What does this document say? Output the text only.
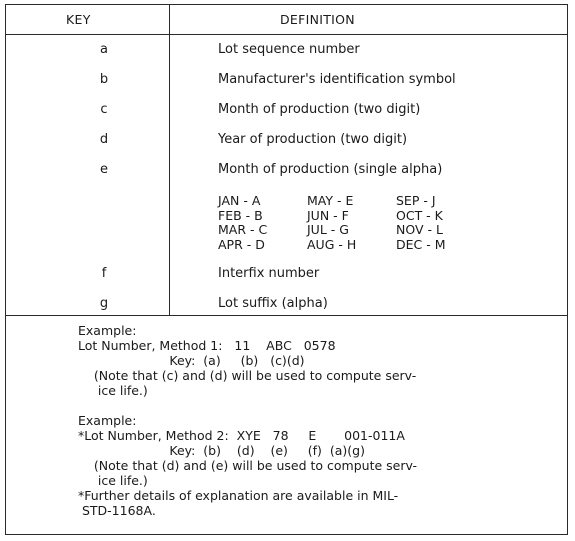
KEY	DEFINITION
a	Lot sequence number
b	Manufacturer's identification symbol
c	Month of production (two digit)
d	Year of production (two digit)
e	Month of production (single alpha)
JAN - A	MAY - E	SEP - J
FEB - B	JUN - F	OCT - K
MAR - C	JUL - G	NOV - L
APR - D	AUG - H	DEC - M
f	Interfix number
g	Lot suffix (alpha)
Example:
Lot Number, Method 1:   11    ABC   0578
Key:  (a)     (b)   (c)(d)
(Note that (c) and (d) will be used to compute serv-
ice life.)
Example:
*Lot Number, Method 2:  XYE   78     E       001-011A
Key:  (b)    (d)    (e)     (f)  (a)(g)
(Note that (d) and (e) will be used to compute serv-
ice life.)
*Further details of explanation are available in MIL-
STD-1168A.
